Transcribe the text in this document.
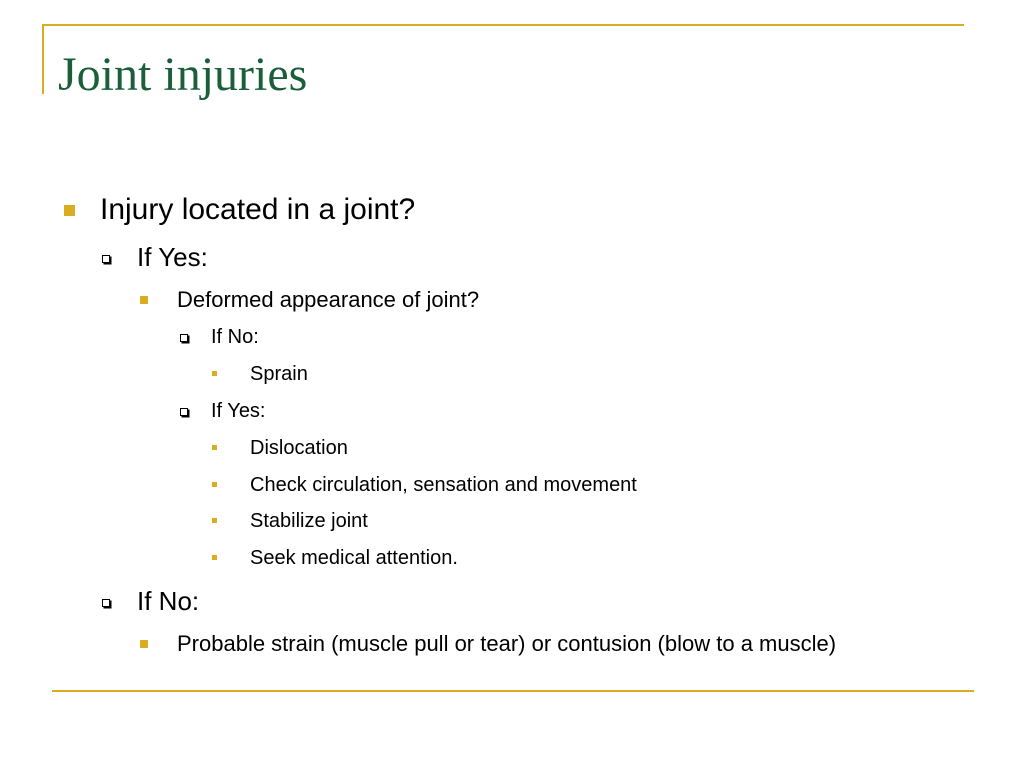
Joint injuries
Injury located in a joint?
If Yes:
Deformed appearance of joint?
If No:
Sprain
If Yes:
Dislocation
Check circulation, sensation and movement
Stabilize joint
Seek medical attention.
If No:
Probable strain (muscle pull or tear) or contusion (blow to a muscle)
